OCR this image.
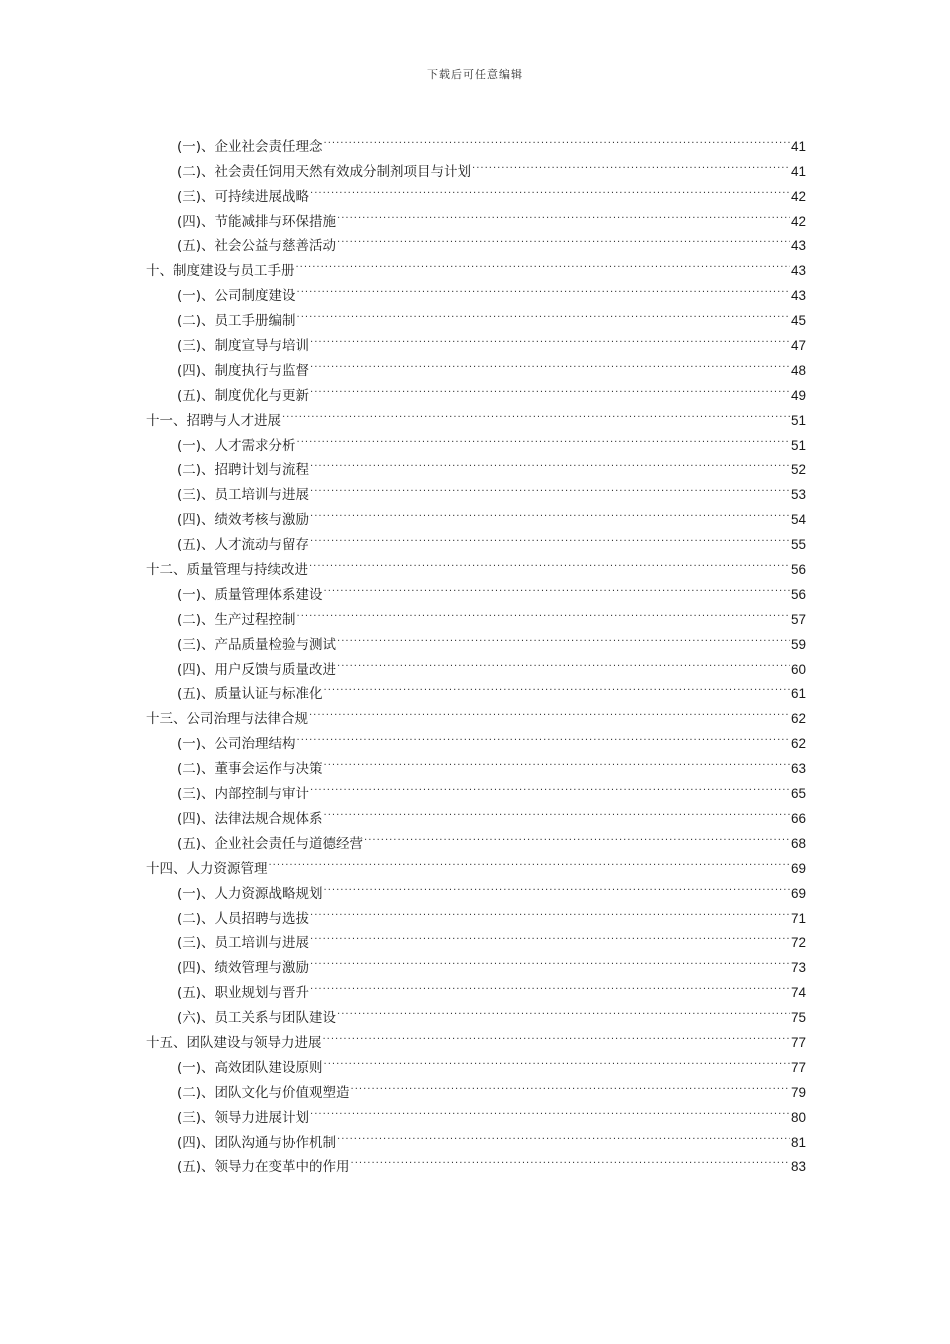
下载后可任意编辑
(一)、企业社会责任理念 .....	41
(二)、社会责任饲用天然有效成分制剂项目与计划 .....	41
(三)、可持续进展战略 .....	42
(四)、节能减排与环保措施 .....	42
(五)、社会公益与慈善活动 .....	43
十、制度建设与员工手册 .....	43
(一)、公司制度建设 .....	43
(二)、员工手册编制 .....	45
(三)、制度宣导与培训 .....	47
(四)、制度执行与监督 .....	48
(五)、制度优化与更新 .....	49
十一、招聘与人才进展 .....	51
(一)、人才需求分析 .....	51
(二)、招聘计划与流程 .....	52
(三)、员工培训与进展 .....	53
(四)、绩效考核与激励 .....	54
(五)、人才流动与留存 .....	55
十二、质量管理与持续改进 .....	56
(一)、质量管理体系建设 .....	56
(二)、生产过程控制 .....	57
(三)、产品质量检验与测试 .....	59
(四)、用户反馈与质量改进 .....	60
(五)、质量认证与标准化 .....	61
十三、公司治理与法律合规 .....	62
(一)、公司治理结构 .....	62
(二)、董事会运作与决策 .....	63
(三)、内部控制与审计 .....	65
(四)、法律法规合规体系 .....	66
(五)、企业社会责任与道德经营 .....	68
十四、人力资源管理 .....	69
(一)、人力资源战略规划 .....	69
(二)、人员招聘与选拔 .....	71
(三)、员工培训与进展 .....	72
(四)、绩效管理与激励 .....	73
(五)、职业规划与晋升 .....	74
(六)、员工关系与团队建设 .....	75
十五、团队建设与领导力进展 .....	77
(一)、高效团队建设原则 .....	77
(二)、团队文化与价值观塑造 .....	79
(三)、领导力进展计划 .....	80
(四)、团队沟通与协作机制 .....	81
(五)、领导力在变革中的作用 .....	83
